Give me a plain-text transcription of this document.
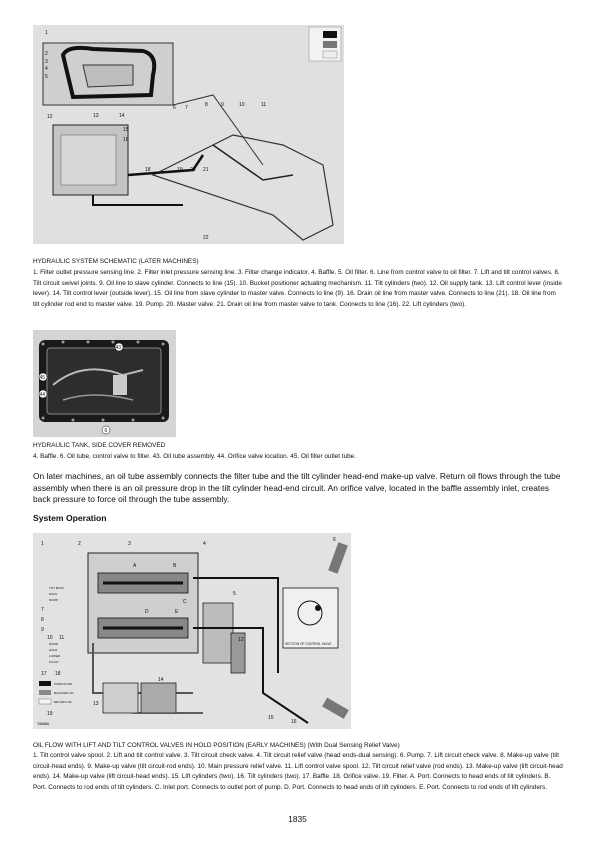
1
2
3
4
5
6 7	8	9	10	11
12	13	14
15
16
18	19 20 21
22
HYDRAULIC SYSTEM SCHEMATIC (LATER MACHINES)
1. Filter outlet pressure sensing line. 2. Filter inlet pressure sensing line. 3. Filter change indicator. 4. Baffle. 5. Oil filter. 6. Line from control valve to oil filter. 7. Lift and tilt control valves. 8. Tilt circuit swivel joints. 9. Oil line to slave cylinder. Connects to line (15). 10. Bucket positioner actuating mechanism. 11. Tilt cylinders (two). 12. Oil supply tank. 13. Lift control lever (inside lever). 14. Tilt control lever (outside lever). 15. Oil line from slave cylinder to master valve. Connects to line (9). 16. Drain oil line from master valve. Connects to line (21). 18. Oil line from tilt cylinder rod end to master valve. 19. Pump. 20. Master valve. 21. Drain oil line from master valve to tank. Connects to line (16). 22. Lift cylinders (two).
43
45
44
6
HYDRAULIC TANK, SIDE COVER REMOVED
4. Baffle. 6. Oil tube, control valve to filter. 43. Oil tube assembly. 44. Orifice valve location. 45. Oil filter outlet tube.
On later machines, an oil tube assembly connects the filter tube and the tilt cylinder head-end make-up valve. Return oil flows through the tube assembly when there is an oil pressure drop in the tilt cylinder head-end circuit. An orifice valve, located in the baffle assembly inlet, creates back pressure to force oil through the tube assembly.
System Operation
SECTION OF CONTROL VALVE
TILT BACK
HOLD
DUMP
RAISE
HOLD
LOWER
FLOAT
PUMP FLOW
BLOCKED OIL
RETURN OIL
T86886
1	2	3	4
5
6
7
8
9
10 11	12
13
14
15
16
17 18
19
A	B
C
D	E
OIL FLOW WITH LIFT AND TILT CONTROL VALVES IN HOLD POSITION (EARLY MACHINES) (With Dual Sensing Relief Valve)
1. Tilt control valve spool. 2. Lift and tilt control valve. 3. Tilt circuit check valve. 4. Tilt circuit relief valve (head ends-dual sensing). 6. Pump. 7. Lift circuit check valve. 8. Make-up valve (tilt circuit-head ends). 9. Make-up valve (tilt circuit-rod ends). 10. Main pressure relief valve. 11. Lift control valve spool. 12. Tilt circuit relief valve (rod ends). 13. Make-up valve (lift circuit-head ends). 14. Make-up valve (lift circuit-head ends). 15. Lift cylinders (two). 16. Tilt cylinders (two). 17. Baffle. 18. Orifice valve. 19. Filter. A. Port. Connects to head ends of tilt cylinders. B. Port. Connects to rod ends of tilt cylinders. C. Inlet port. Connects to outlet port of pump. D. Port. Connects to head ends of lift cylinders. E. Port. Connects to rod ends of lift cylinders.
1835
